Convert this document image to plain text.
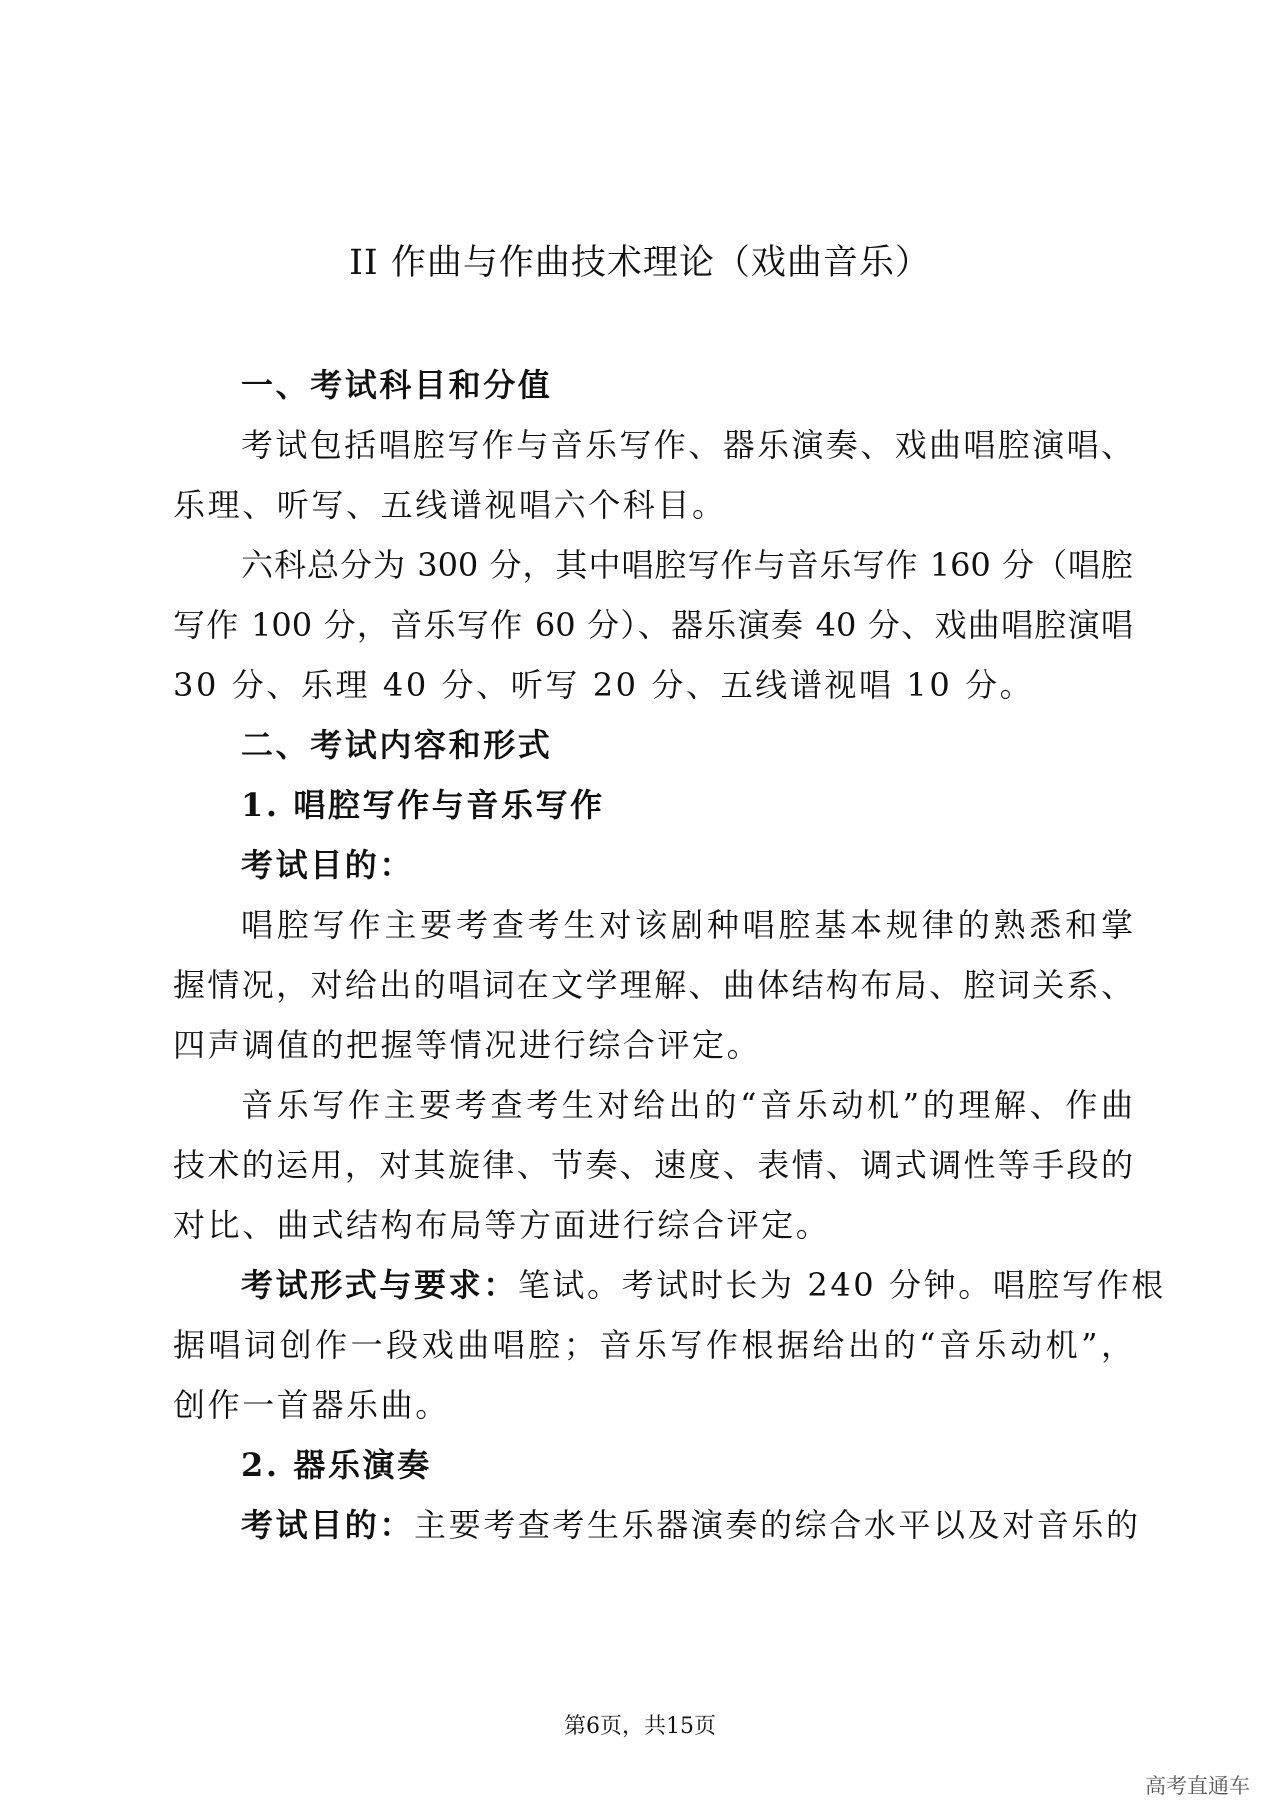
II 作曲与作曲技术理论（戏曲音乐）
一、考试科目和分值
考试包括唱腔写作与音乐写作、器乐演奏、戏曲唱腔演唱、
乐理、听写、五线谱视唱六个科目。
六科总分为 300 分，其中唱腔写作与音乐写作 160 分（唱腔
写作 100 分，音乐写作 60 分）、器乐演奏 40 分、戏曲唱腔演唱
30 分、乐理 40 分、听写 20 分、五线谱视唱 10 分。
二、考试内容和形式
1. 唱腔写作与音乐写作
考试目的：
唱腔写作主要考查考生对该剧种唱腔基本规律的熟悉和掌
握情况，对给出的唱词在文学理解、曲体结构布局、腔词关系、
四声调值的把握等情况进行综合评定。
音乐写作主要考查考生对给出的“音乐动机”的理解、作曲
技术的运用，对其旋律、节奏、速度、表情、调式调性等手段的
对比、曲式结构布局等方面进行综合评定。
考试形式与要求：笔试。考试时长为 240 分钟。唱腔写作根
据唱词创作一段戏曲唱腔；音乐写作根据给出的“音乐动机”，
创作一首器乐曲。
2. 器乐演奏
考试目的：主要考查考生乐器演奏的综合水平以及对音乐的
第6页，共15页
高考直通车
